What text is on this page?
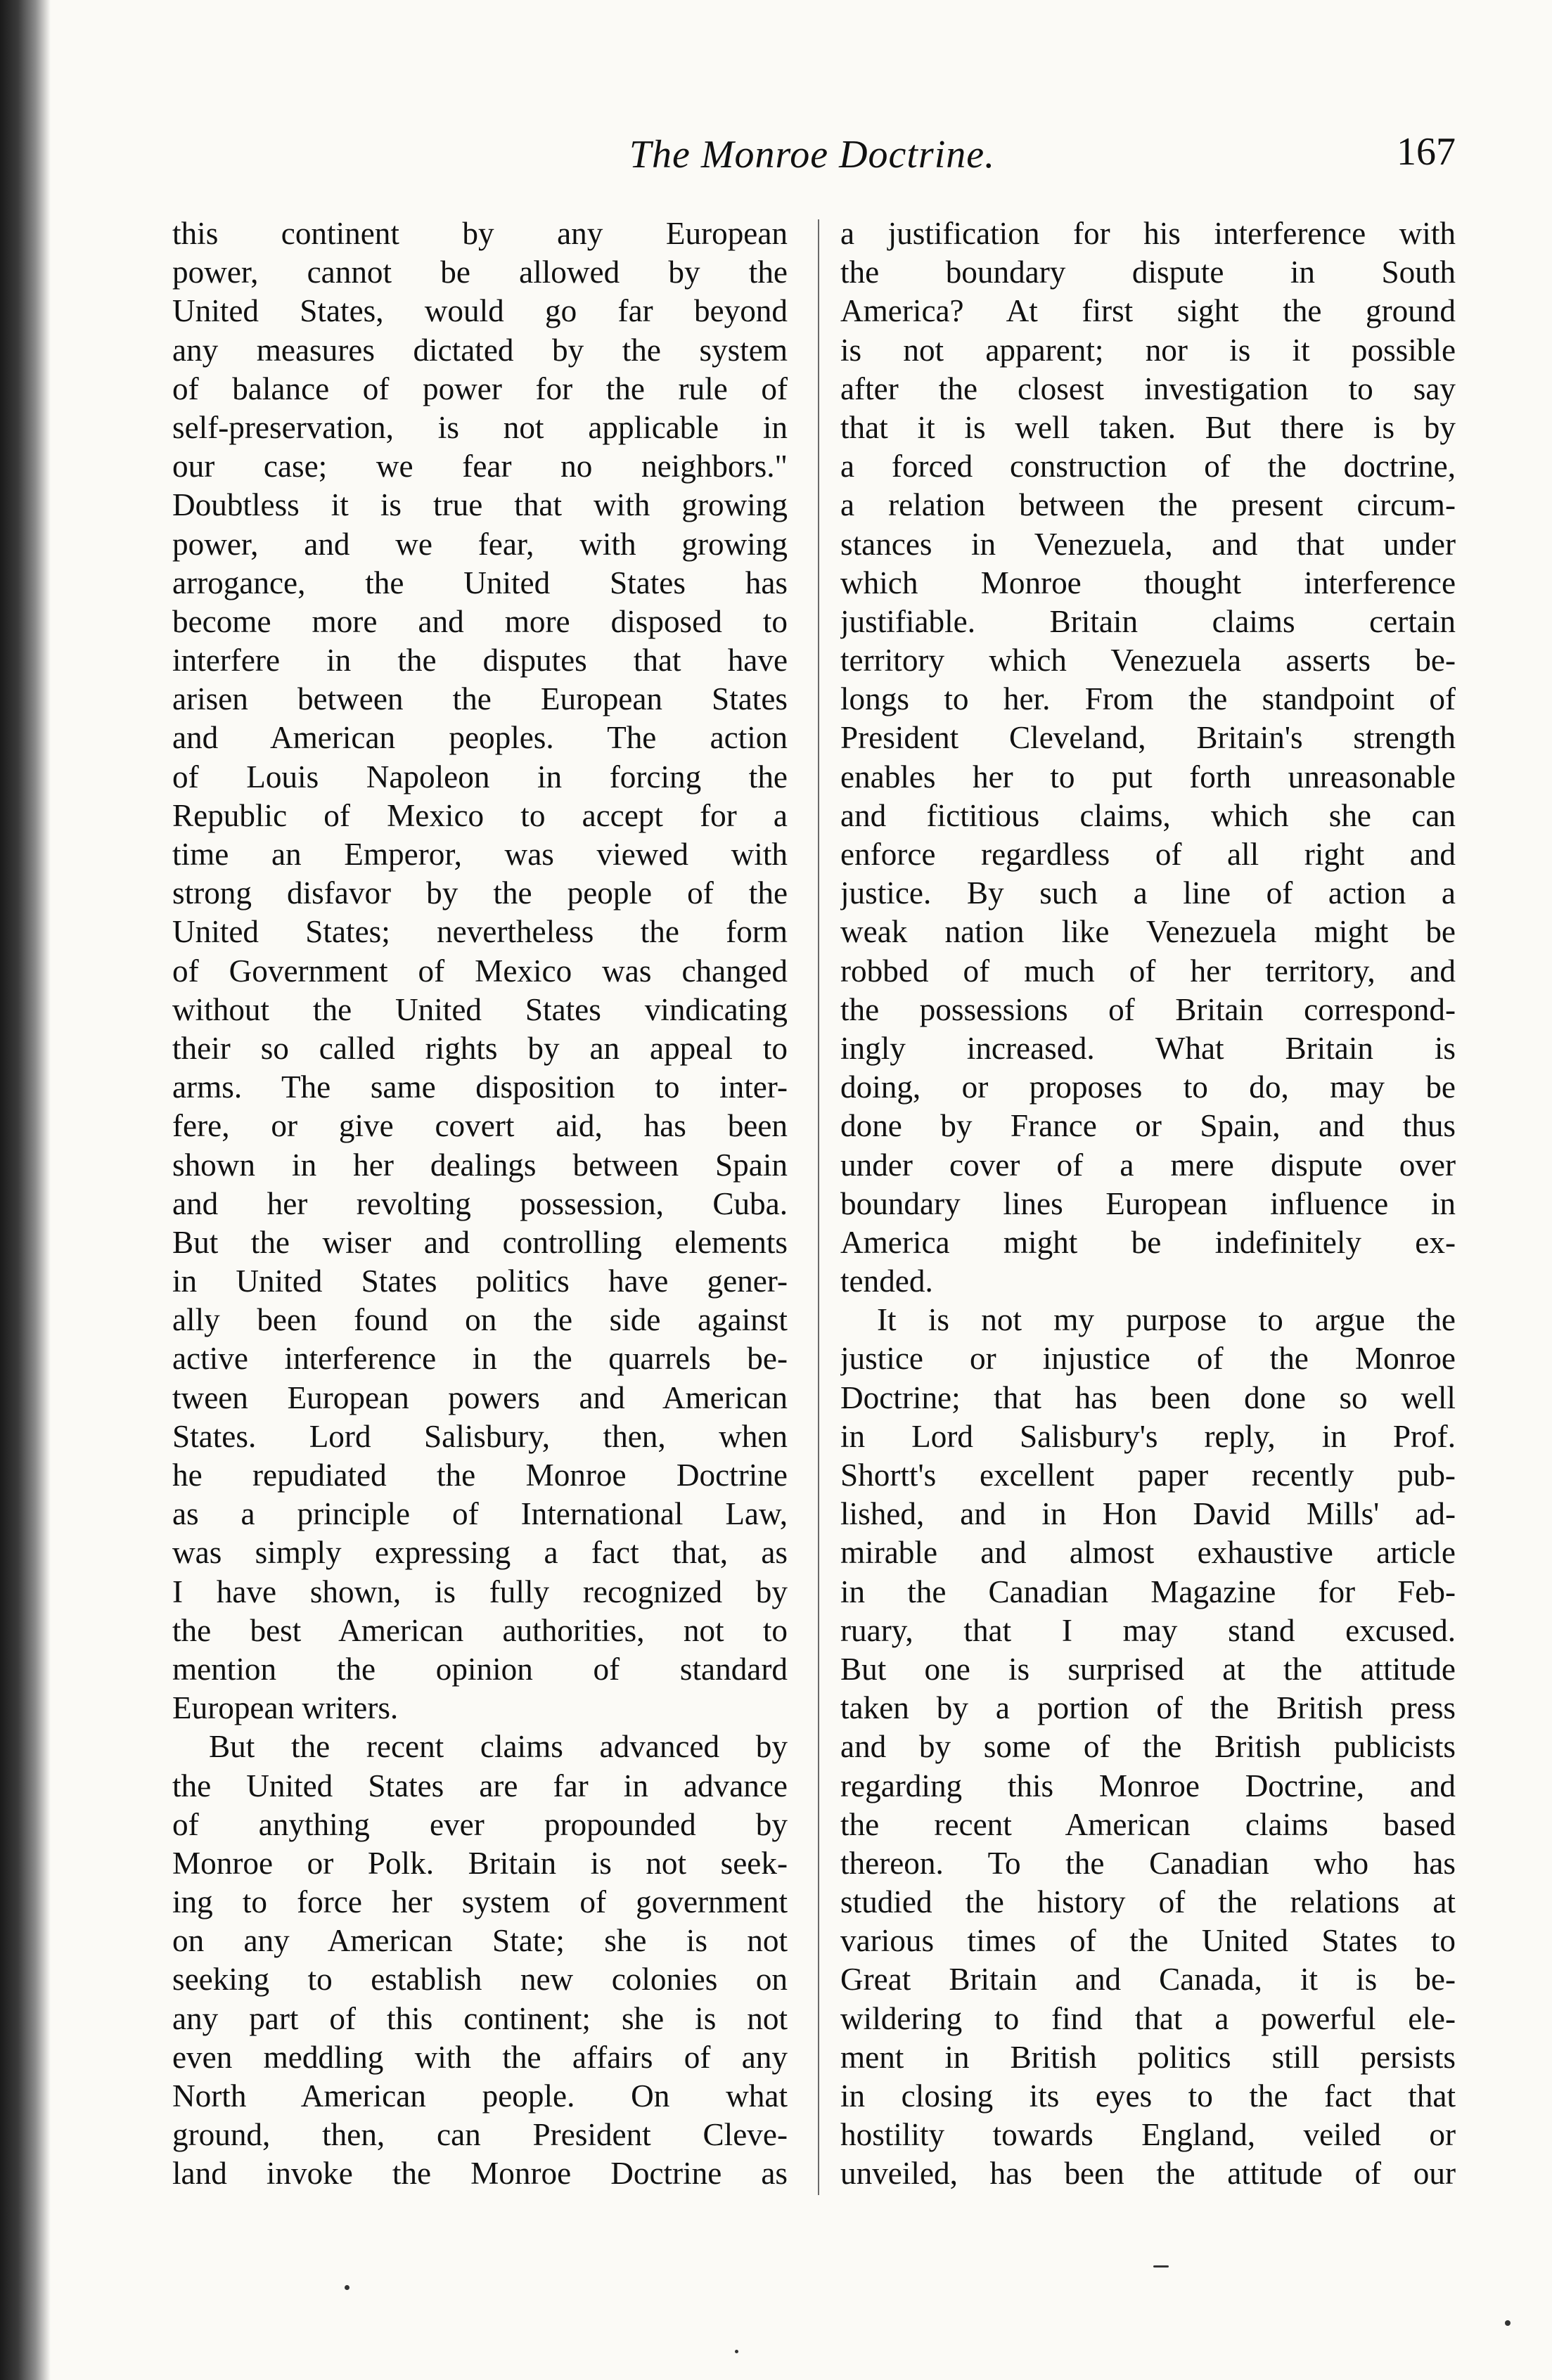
The Monroe Doctrine.	167
this continent by any European
power, cannot be allowed by the
United States, would go far beyond
any measures dictated by the system
of balance of power for the rule of
self-preservation, is not applicable in
our case; we fear no neighbors."
Doubtless it is true that with growing
power, and we fear, with growing
arrogance, the United States has
become more and more disposed to
interfere in the disputes that have
arisen between the European States
and American peoples. The action
of Louis Napoleon in forcing the
Republic of Mexico to accept for a
time an Emperor, was viewed with
strong disfavor by the people of the
United States; nevertheless the form
of Government of Mexico was changed
without the United States vindicating
their so called rights by an appeal to
arms. The same disposition to inter-
fere, or give covert aid, has been
shown in her dealings between Spain
and her revolting possession, Cuba.
But the wiser and controlling elements
in United States politics have gener-
ally been found on the side against
active interference in the quarrels be-
tween European powers and American
States. Lord Salisbury, then, when
he repudiated the Monroe Doctrine
as a principle of International Law,
was simply expressing a fact that, as
I have shown, is fully recognized by
the best American authorities, not to
mention the opinion of standard
European writers.
But the recent claims advanced by
the United States are far in advance
of anything ever propounded by
Monroe or Polk. Britain is not seek-
ing to force her system of government
on any American State; she is not
seeking to establish new colonies on
any part of this continent; she is not
even meddling with the affairs of any
North American people. On what
ground, then, can President Cleve-
land invoke the Monroe Doctrine as
a justification for his interference with
the boundary dispute in South
America? At first sight the ground
is not apparent; nor is it possible
after the closest investigation to say
that it is well taken. But there is by
a forced construction of the doctrine,
a relation between the present circum-
stances in Venezuela, and that under
which Monroe thought interference
justifiable. Britain claims certain
territory which Venezuela asserts be-
longs to her. From the standpoint of
President Cleveland, Britain's strength
enables her to put forth unreasonable
and fictitious claims, which she can
enforce regardless of all right and
justice. By such a line of action a
weak nation like Venezuela might be
robbed of much of her territory, and
the possessions of Britain correspond-
ingly increased. What Britain is
doing, or proposes to do, may be
done by France or Spain, and thus
under cover of a mere dispute over
boundary lines European influence in
America might be indefinitely ex-
tended.
It is not my purpose to argue the
justice or injustice of the Monroe
Doctrine; that has been done so well
in Lord Salisbury's reply, in Prof.
Shortt's excellent paper recently pub-
lished, and in Hon David Mills' ad-
mirable and almost exhaustive article
in the Canadian Magazine for Feb-
ruary, that I may stand excused.
But one is surprised at the attitude
taken by a portion of the British press
and by some of the British publicists
regarding this Monroe Doctrine, and
the recent American claims based
thereon. To the Canadian who has
studied the history of the relations at
various times of the United States to
Great Britain and Canada, it is be-
wildering to find that a powerful ele-
ment in British politics still persists
in closing its eyes to the fact that
hostility towards England, veiled or
unveiled, has been the attitude of our
